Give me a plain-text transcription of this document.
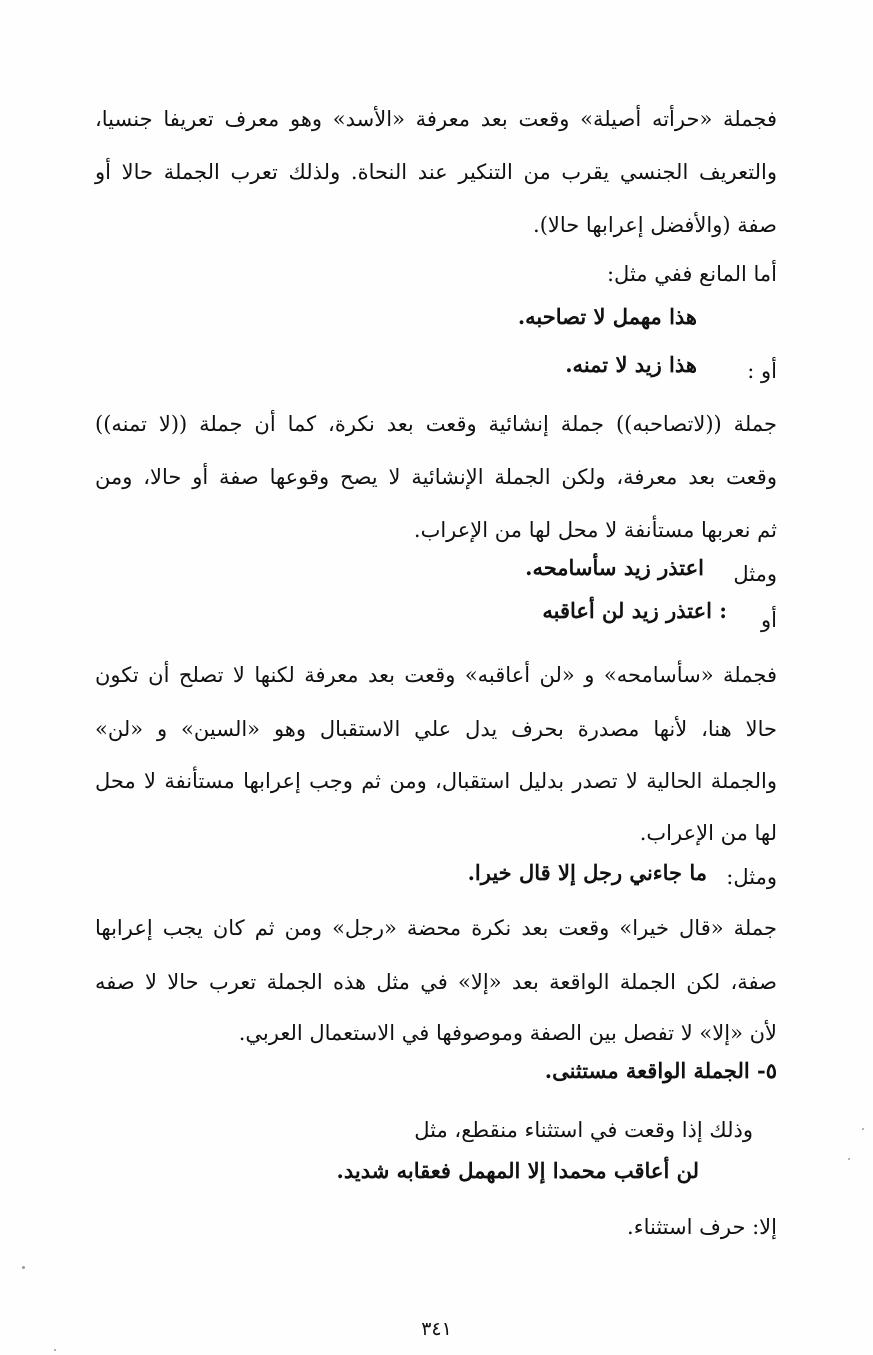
فجملة «حرأته أصيلة» وقعت بعد معرفة «الأسد» وهو معرف تعريفا جنسيا،
والتعريف الجنسي يقرب من التنكير عند النحاة. ولذلك تعرب الجملة حالا أو
صفة (والأفضل إعرابها حالا).
أما المانع ففي مثل:
هذا مهمل لا تصاحبه.
أو :
هذا زيد لا تمنه.
جملة ((لاتصاحبه)) جملة إنشائية وقعت بعد نكرة، كما أن جملة ((لا تمنه))
وقعت بعد معرفة، ولكن الجملة الإنشائية لا يصح وقوعها صفة أو حالا، ومن
ثم نعربها مستأنفة لا محل لها من الإعراب.
ومثل
اعتذر زيد سأسامحه.
أو
: اعتذر زيد لن أعاقبه
فجملة «سأسامحه» و «لن أعاقبه» وقعت بعد معرفة لكنها لا تصلح أن تكون
حالا هنا، لأنها مصدرة بحرف يدل علي الاستقبال وهو «السين» و «لن»
والجملة الحالية لا تصدر بدليل استقبال، ومن ثم وجب إعرابها مستأنفة لا محل
لها من الإعراب.
ومثل:
ما جاءني رجل إلا قال خيرا.
جملة «قال خيرا» وقعت بعد نكرة محضة «رجل» ومن ثم كان يجب إعرابها
صفة، لكن الجملة الواقعة بعد «إلا» في مثل هذه الجملة تعرب حالا لا صفه
لأن «إلا» لا تفصل بين الصفة وموصوفها في الاستعمال العربي.
٥- الجملة الواقعة مستثنى.
وذلك إذا وقعت في استثناء منقطع، مثل
لن أعاقب محمدا إلا المهمل فعقابه شديد.
إلا: حرف استثناء.
٣٤١
